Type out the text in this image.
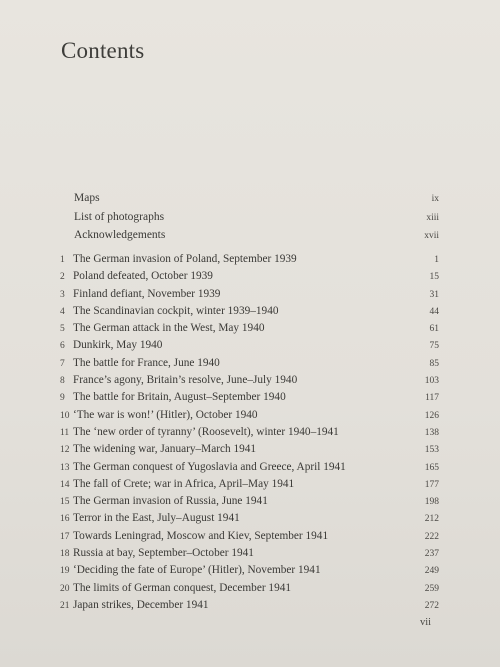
Contents
Maps	ix
List of photographs	xiii
Acknowledgements	xvii
1 The German invasion of Poland, September 1939	1
2 Poland defeated, October 1939	15
3 Finland defiant, November 1939	31
4 The Scandinavian cockpit, winter 1939–1940	44
5 The German attack in the West, May 1940	61
6 Dunkirk, May 1940	75
7 The battle for France, June 1940	85
8 France’s agony, Britain’s resolve, June–July 1940	103
9 The battle for Britain, August–September 1940	117
10 ‘The war is won!’ (Hitler), October 1940	126
11 The ‘new order of tyranny’ (Roosevelt), winter 1940–1941	138
12 The widening war, January–March 1941	153
13 The German conquest of Yugoslavia and Greece, April 1941	165
14 The fall of Crete; war in Africa, April–May 1941	177
15 The German invasion of Russia, June 1941	198
16 Terror in the East, July–August 1941	212
17 Towards Leningrad, Moscow and Kiev, September 1941	222
18 Russia at bay, September–October 1941	237
19 ‘Deciding the fate of Europe’ (Hitler), November 1941	249
20 The limits of German conquest, December 1941	259
21 Japan strikes, December 1941	272
vii
